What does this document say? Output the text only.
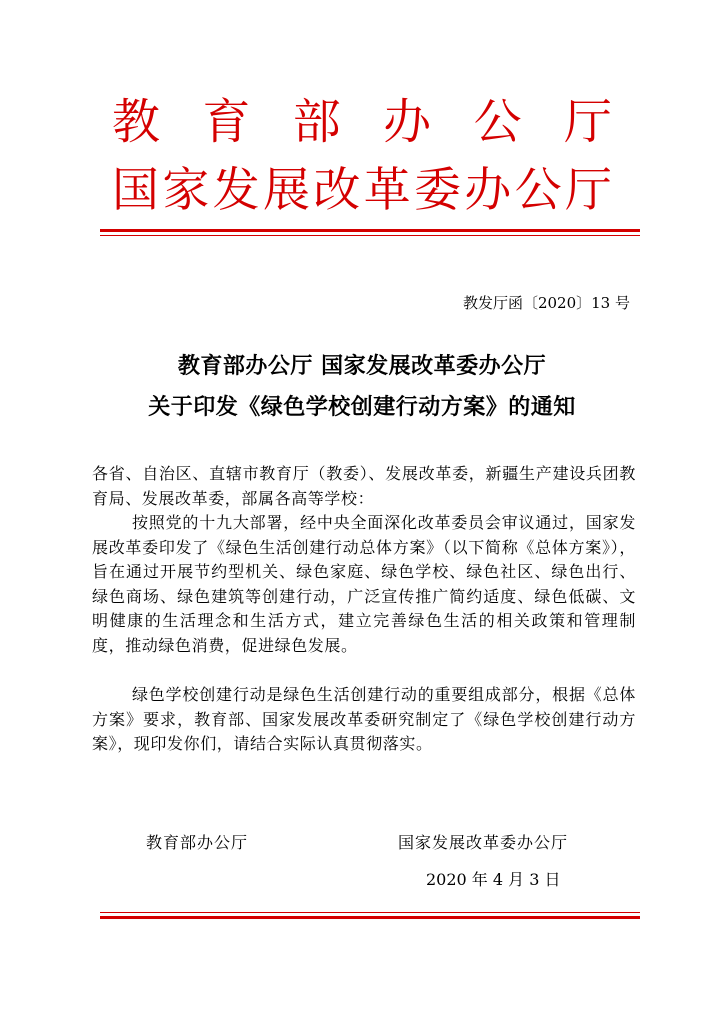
教 育 部 办 公 厅
国 家 发 展 改 革 委 办 公 厅
教发厅函〔2020〕13 号
教育部办公厅 国家发展改革委办公厅
关于印发《绿色学校创建行动方案》的通知
各省、自治区、直辖市教育厅（教委）、发展改革委，新疆生产建设兵团教育局、发展改革委，部属各高等学校：
按照党的十九大部署，经中央全面深化改革委员会审议通过，国家发展改革委印发了《绿色生活创建行动总体方案》（以下简称《总体方案》），旨在通过开展节约型机关、绿色家庭、绿色学校、绿色社区、绿色出行、绿色商场、绿色建筑等创建行动，广泛宣传推广简约适度、绿色低碳、文明健康的生活理念和生活方式，建立完善绿色生活的相关政策和管理制度，推动绿色消费，促进绿色发展。
绿色学校创建行动是绿色生活创建行动的重要组成部分，根据《总体方案》要求，教育部、国家发展改革委研究制定了《绿色学校创建行动方案》，现印发你们，请结合实际认真贯彻落实。
教育部办公厅	国家发展改革委办公厅
2020 年 4 月 3 日
